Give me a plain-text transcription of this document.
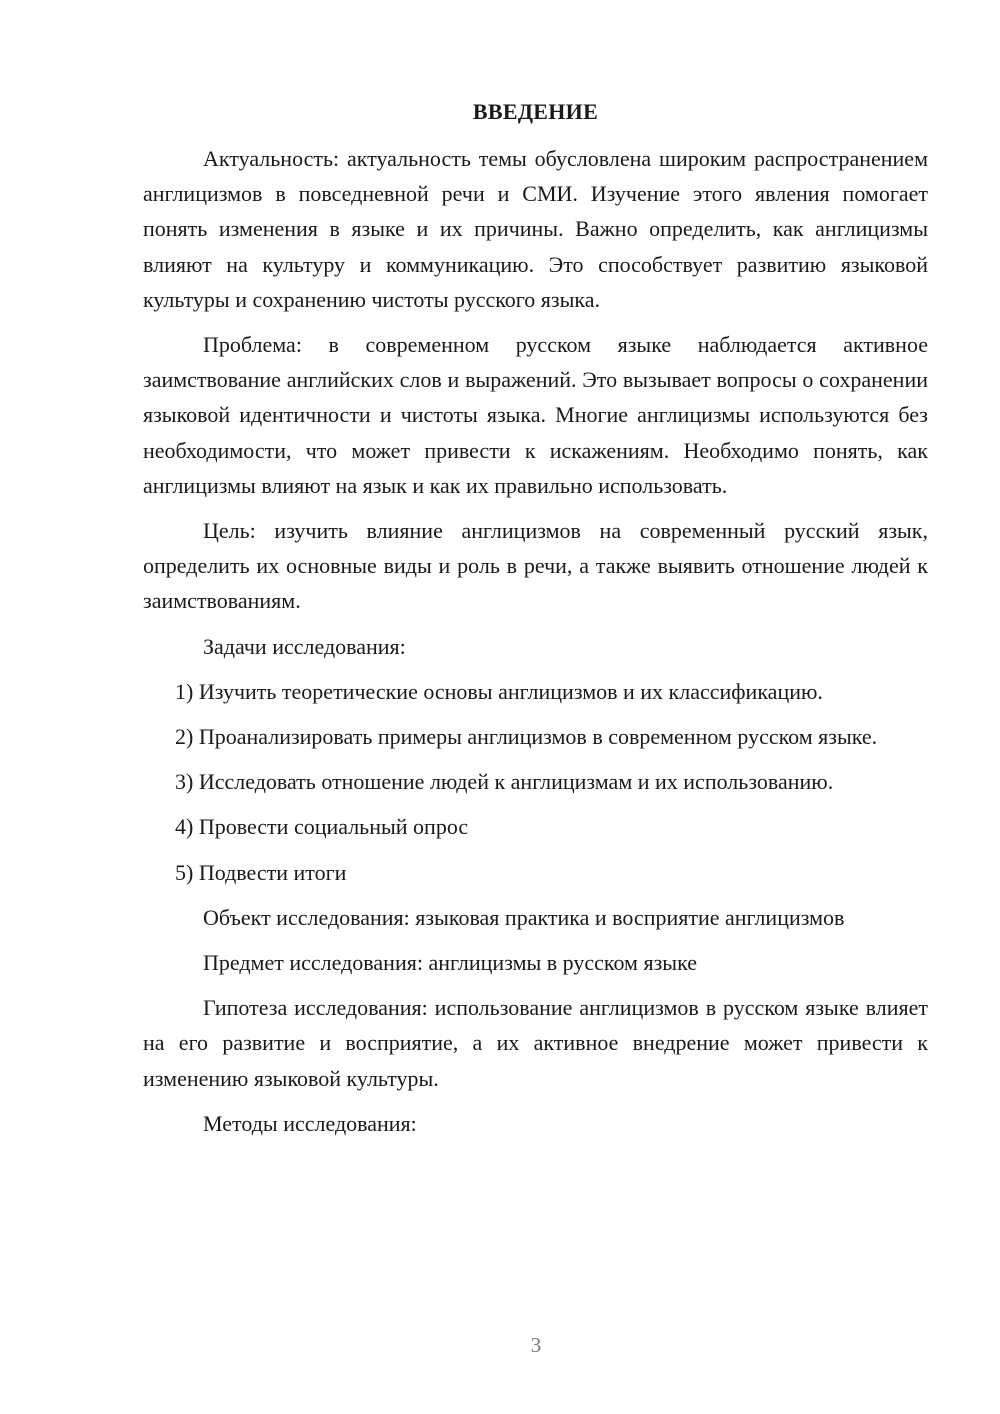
ВВЕДЕНИЕ

Актуальность: актуальность темы обусловлена широким распространением англицизмов в повседневной речи и СМИ. Изучение этого явления помогает понять изменения в языке и их причины. Важно определить, как англицизмы влияют на культуру и коммуникацию. Это способствует развитию языковой культуры и сохранению чистоты русского языка.

Проблема: в современном русском языке наблюдается активное заимствование английских слов и выражений. Это вызывает вопросы о сохранении языковой идентичности и чистоты языка. Многие англицизмы используются без необходимости, что может привести к искажениям. Необходимо понять, как англицизмы влияют на язык и как их правильно использовать.

Цель: изучить влияние англицизмов на современный русский язык, определить их основные виды и роль в речи, а также выявить отношение людей к заимствованиям.

Задачи исследования:

1) Изучить теоретические основы англицизмов и их классификацию.

2) Проанализировать примеры англицизмов в современном русском языке.

3) Исследовать отношение людей к англицизмам и их использованию.

4) Провести социальный опрос

5) Подвести итоги

Объект исследования: языковая практика и восприятие англицизмов

Предмет исследования: англицизмы в русском языке

Гипотеза исследования: использование англицизмов в русском языке влияет на его развитие и восприятие, а их активное внедрение может привести к изменению языковой культуры.

Методы исследования:

3
